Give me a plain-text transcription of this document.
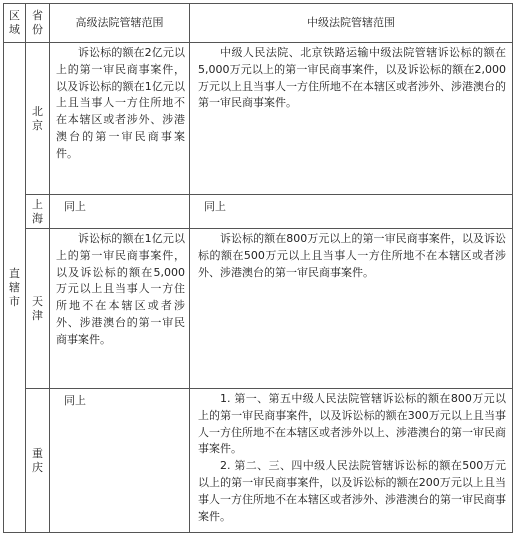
区域	省份	高级法院管辖范围	中级法院管辖范围

直辖市	北京	诉讼标的额在2亿元以上的第一审民商事案件，以及诉讼标的额在1亿元以上且当事人一方住所地不在本辖区或者涉外、涉港澳台的第一审民商事案件。	中级人民法院、北京铁路运输中级法院管辖诉讼标的额在5,000万元以上的第一审民商事案件，以及诉讼标的额在2,000万元以上且当事人一方住所地不在本辖区或者涉外、涉港澳台的第一审民商事案件。

	上海	同上	同上

	天津	诉讼标的额在1亿元以上的第一审民商事案件，以及诉讼标的额在5,000万元以上且当事人一方住所地不在本辖区或者涉外、涉港澳台的第一审民商事案件。	诉讼标的额在800万元以上的第一审民商事案件，以及诉讼标的额在500万元以上且当事人一方住所地不在本辖区或者涉外、涉港澳台的第一审民商事案件。

	重庆	同上	1. 第一、第五中级人民法院管辖诉讼标的额在800万元以上的第一审民商事案件，以及诉讼标的额在300万元以上且当事人一方住所地不在本辖区或者涉外以上、涉港澳台的第一审民商事案件。

2. 第二、三、四中级人民法院管辖诉讼标的额在500万元以上的第一审民商事案件，以及诉讼标的额在200万元以上且当事人一方住所地不在本辖区或者涉外、涉港澳台的第一审民商事案件。
